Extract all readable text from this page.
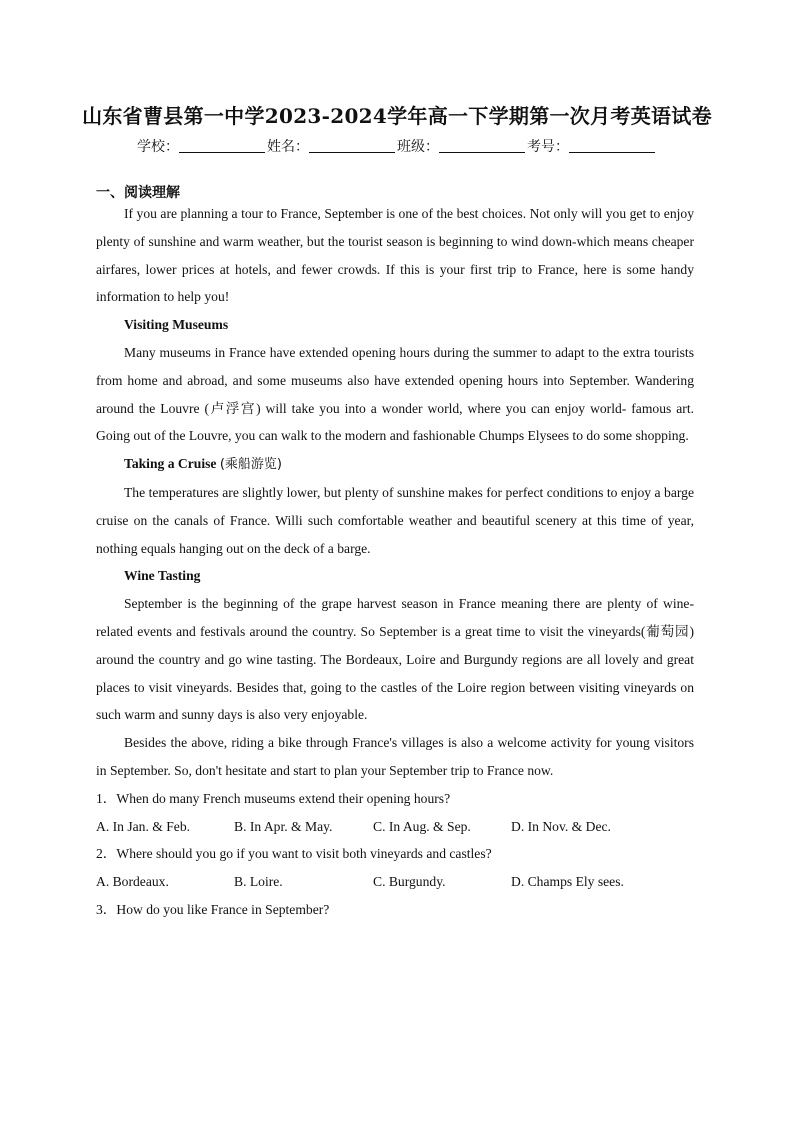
山东省曹县第一中学2023-2024学年高一下学期第一次月考英语试卷
学校：	姓名：	班级：	考号：
一、阅读理解

If you are planning a tour to France, September is one of the best choices. Not only will you get to enjoy plenty of sunshine and warm weather, but the tourist season is beginning to wind down-which means cheaper airfares, lower prices at hotels, and fewer crowds. If this is your first trip to France, here is some handy information to help you!

Visiting Museums

Many museums in France have extended opening hours during the summer to adapt to the extra tourists from home and abroad, and some museums also have extended opening hours into September. Wandering around the Louvre (卢浮宫) will take you into a wonder world, where you can enjoy world- famous art. Going out of the Louvre, you can walk to the modern and fashionable Chumps Elysees to do some shopping.

Taking a Cruise (乘船游览)

The temperatures are slightly lower, but plenty of sunshine makes for perfect conditions to enjoy a barge cruise on the canals of France. Willi such comfortable weather and beautiful scenery at this time of year, nothing equals hanging out on the deck of a barge.

Wine Tasting

September is the beginning of the grape harvest season in France meaning there are plenty of wine- related events and festivals around the country. So September is a great time to visit the vineyards(葡萄园) around the country and go wine tasting. The Bordeaux, Loire and Burgundy regions are all lovely and great places to visit vineyards. Besides that, going to the castles of the Loire region between visiting vineyards on such warm and sunny days is also very enjoyable.

Besides the above, riding a bike through France's villages is also a welcome activity for young visitors in September. So, don't hesitate and start to plan your September trip to France now.

1．When do many French museums extend their opening hours?
A. In Jan. & Feb.	B. In Apr. & May.	C. In Aug. & Sep.	D. In Nov. & Dec.
2．Where should you go if you want to visit both vineyards and castles?
A. Bordeaux.	B. Loire.	C. Burgundy.	D. Champs Ely sees.
3．How do you like France in September?
